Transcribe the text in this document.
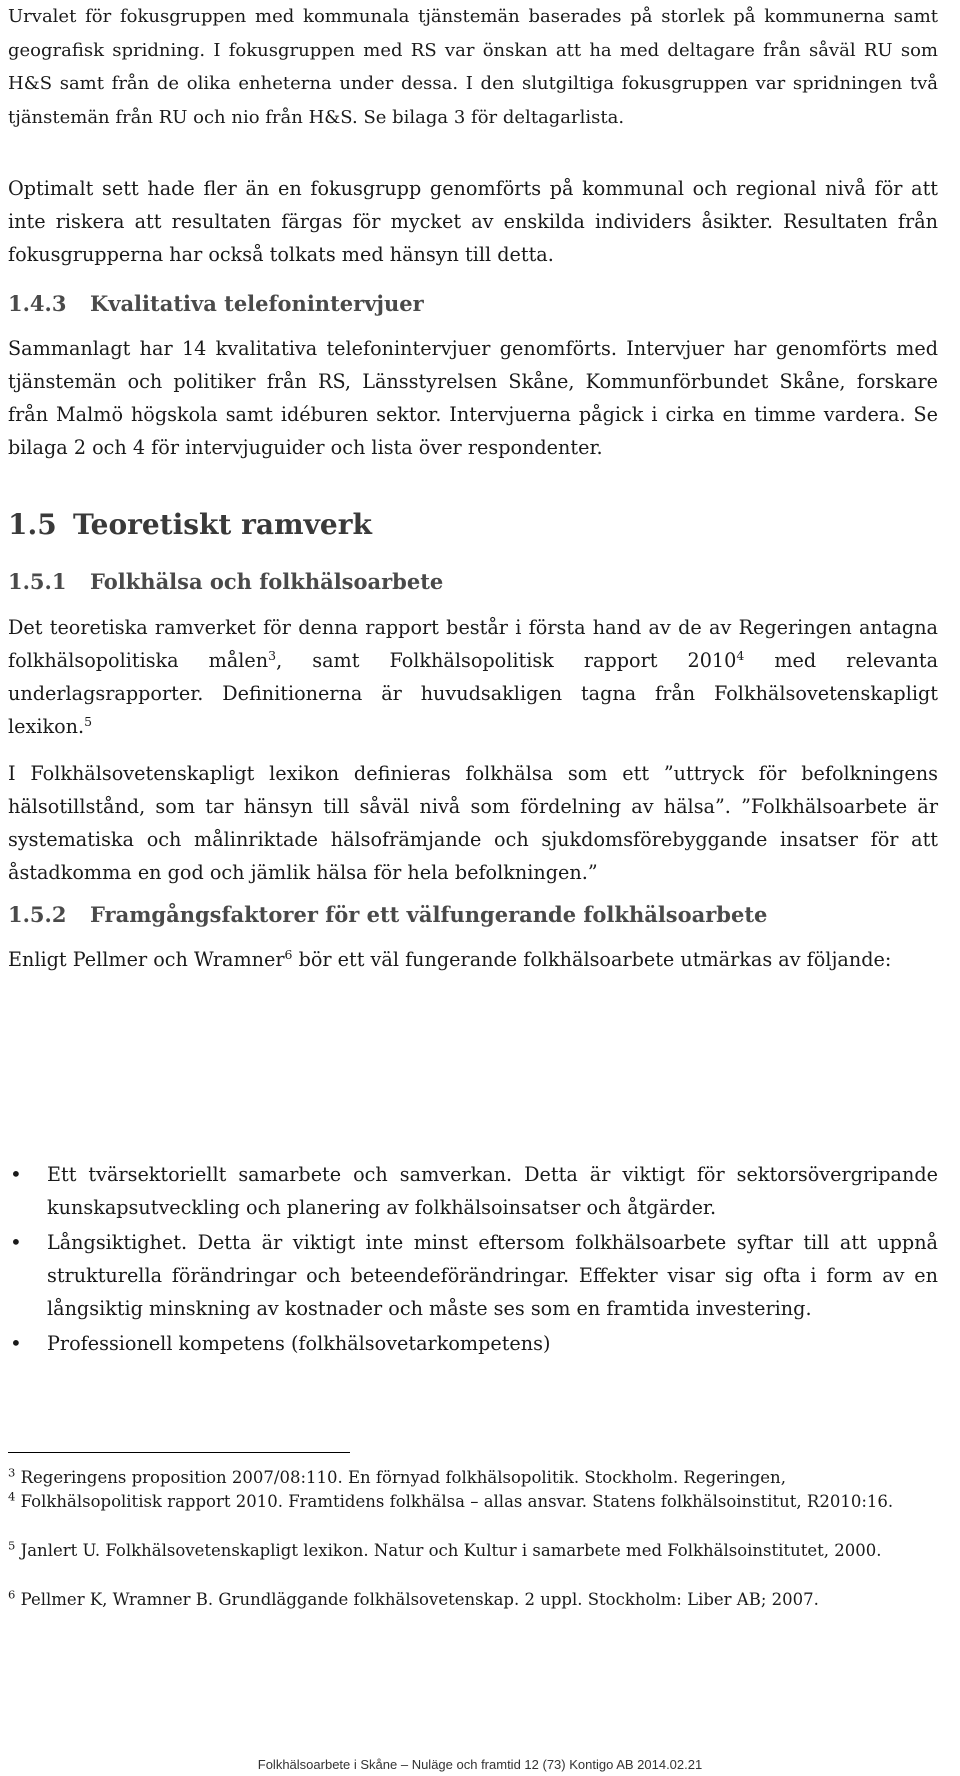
Urvalet för fokusgruppen med kommunala tjänstemän baserades på storlek på kommunerna samt geografisk spridning. I fokusgruppen med RS var önskan att ha med deltagare från såväl RU som H&S samt från de olika enheterna under dessa. I den slutgiltiga fokusgruppen var spridningen två tjänstemän från RU och nio från H&S. Se bilaga 3 för deltagarlista.

Optimalt sett hade fler än en fokusgrupp genomförts på kommunal och regional nivå för att inte riskera att resultaten färgas för mycket av enskilda individers åsikter. Resultaten från fokusgrupperna har också tolkats med hänsyn till detta.

1.4.3 Kvalitativa telefonintervjuer

Sammanlagt har 14 kvalitativa telefonintervjuer genomförts. Intervjuer har genomförts med tjänstemän och politiker från RS, Länsstyrelsen Skåne, Kommunförbundet Skåne, forskare från Malmö högskola samt idéburen sektor. Intervjuerna pågick i cirka en timme vardera. Se bilaga 2 och 4 för intervjuguider och lista över respondenter.

1.5 Teoretiskt ramverk
1.5.1 Folkhälsa och folkhälsoarbete

Det teoretiska ramverket för denna rapport består i första hand av de av Regeringen antagna folkhälsopolitiska målen$^3$, samt Folkhälsopolitisk rapport 2010$^4$ med relevanta underlagsrapporter. Definitionerna är huvudsakligen tagna från Folkhälsovetenskapligt lexikon.$^5$

I Folkhälsovetenskapligt lexikon definieras folkhälsa som ett ”uttryck för befolkningens hälsotillstånd, som tar hänsyn till såväl nivå som fördelning av hälsa”. ”Folkhälsoarbete är systematiska och målinriktade hälsofrämjande och sjukdomsförebyggande insatser för att åstadkomma en god och jämlik hälsa för hela befolkningen.”

1.5.2 Framgångsfaktorer för ett välfungerande folkhälsoarbete

Enligt Pellmer och Wramner$^6$ bör ett väl fungerande folkhälsoarbete utmärkas av följande:

• Ett tvärsektoriellt samarbete och samverkan. Detta är viktigt för sektorsövergripande kunskapsutveckling och planering av folkhälsoinsatser och åtgärder.
• Långsiktighet. Detta är viktigt inte minst eftersom folkhälsoarbete syftar till att uppnå strukturella förändringar och beteendeförändringar. Effekter visar sig ofta i form av en långsiktig minskning av kostnader och måste ses som en framtida investering.
• Professionell kompetens (folkhälsovetarkompetens)

$^3$ Regeringens proposition 2007/08:110. En förnyad folkhälsopolitik. Stockholm. Regeringen,

$^4$ Folkhälsopolitisk rapport 2010. Framtidens folkhälsa – allas ansvar. Statens folkhälsoinstitut, R2010:16.

$^5$ Janlert U. Folkhälsovetenskapligt lexikon. Natur och Kultur i samarbete med Folkhälsoinstitutet, 2000.

$^6$ Pellmer K, Wramner B. Grundläggande folkhälsovetenskap. 2 uppl. Stockholm: Liber AB; 2007.

Folkhälsoarbete i Skåne – Nuläge och framtid 12 (73) Kontigo AB 2014.02.21
